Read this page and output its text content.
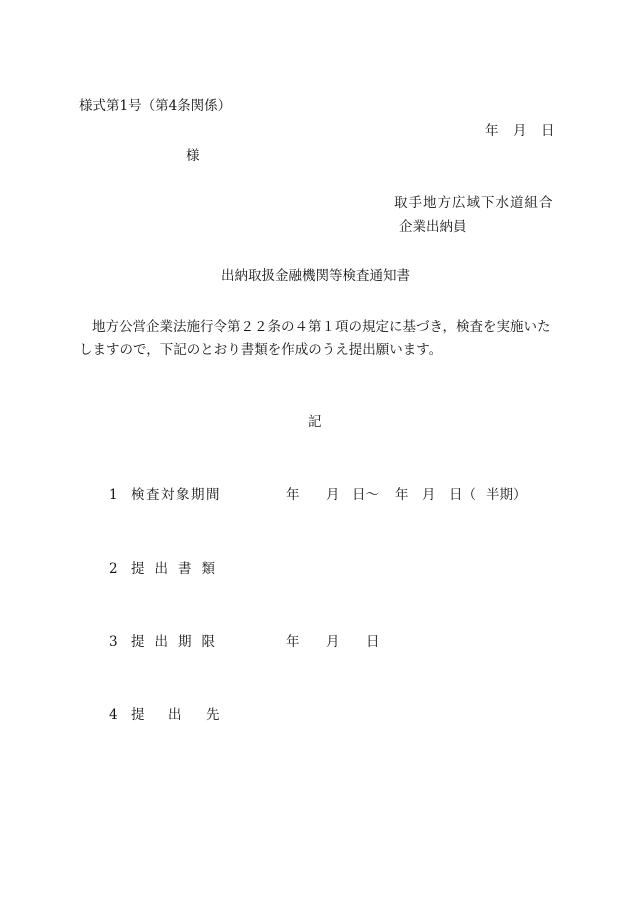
様式第1号（第4条関係）
年 月 日
様
取手地方広域下水道組合
企業出納員
出納取扱金融機関等検査通知書
地方公営企業法施行令第２２条の４第１項の規定に基づき，検査を実施いた
しますので，下記のとおり書類を作成のうえ提出願います。
記
1 検査対象期間	年 月 日〜 年 月 日（ 半期）
2 提出書類
3 提出期限	年 月 日
4 提 出 先
